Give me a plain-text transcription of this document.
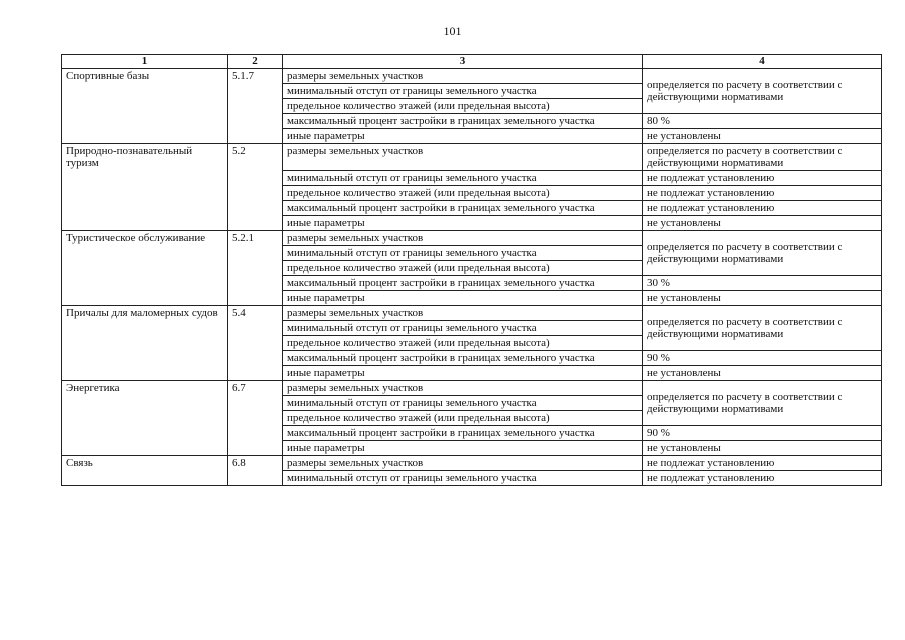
101
1	2	3	4
Спортивные базы	5.1.7	размеры земельных участков	определяется по расчету в соответствии с действующими нормативами
		минимальный отступ от границы земельного участка	
		предельное количество этажей (или предельная высота)	
		максимальный процент застройки в границах земельного участка	80 %
		иные параметры	не установлены
Природно-познавательный туризм	5.2	размеры земельных участков	определяется по расчету в соответствии с действующими нормативами
		минимальный отступ от границы земельного участка	не подлежат установлению
		предельное количество этажей (или предельная высота)	не подлежат установлению
		максимальный процент застройки в границах земельного участка	не подлежат установлению
		иные параметры	не установлены
Туристическое обслуживание	5.2.1	размеры земельных участков	определяется по расчету в соответствии с действующими нормативами
		минимальный отступ от границы земельного участка	
		предельное количество этажей (или предельная высота)	
		максимальный процент застройки в границах земельного участка	30 %
		иные параметры	не установлены
Причалы для маломерных судов	5.4	размеры земельных участков	определяется по расчету в соответствии с действующими нормативами
		минимальный отступ от границы земельного участка	
		предельное количество этажей (или предельная высота)	
		максимальный процент застройки в границах земельного участка	90 %
		иные параметры	не установлены
Энергетика	6.7	размеры земельных участков	определяется по расчету в соответствии с действующими нормативами
		минимальный отступ от границы земельного участка	
		предельное количество этажей (или предельная высота)	
		максимальный процент застройки в границах земельного участка	90 %
		иные параметры	не установлены
Связь	6.8	размеры земельных участков	не подлежат установлению
		минимальный отступ от границы земельного участка	не подлежат установлению
